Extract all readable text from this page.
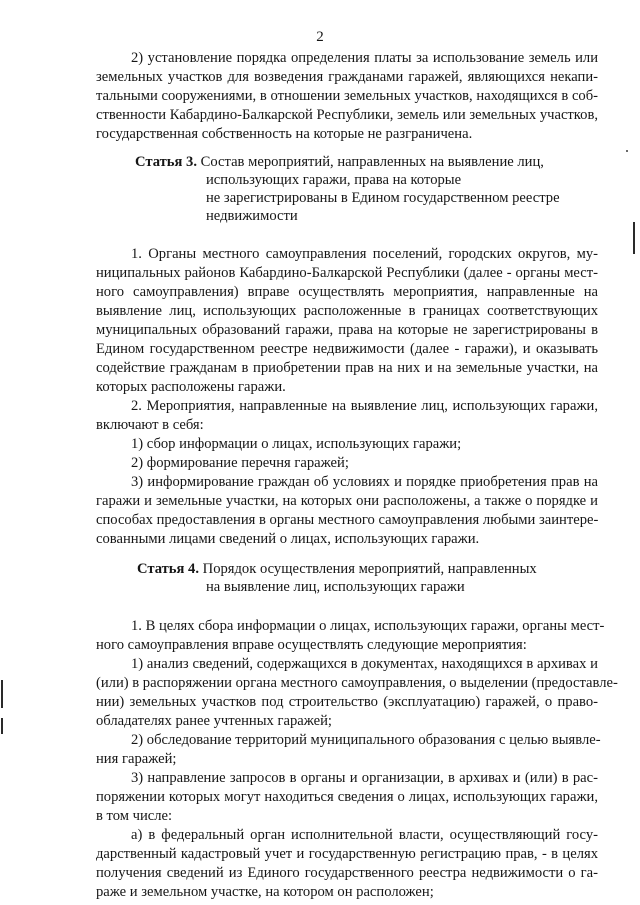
2
2) установление порядка определения платы за использование земель или
земельных участков для возведения гражданами гаражей, являющихся некапи-
тальными сооружениями, в отношении земельных участков, находящихся в соб-
ственности Кабардино-Балкарской Республики, земель или земельных участков,
государственная собственность на которые не разграничена.
Статья 3. Состав мероприятий, направленных на выявление лиц,
использующих гаражи, права на которые
не зарегистрированы в Едином государственном реестре
недвижимости
1. Органы местного самоуправления поселений, городских округов, му-
ниципальных районов Кабардино-Балкарской Республики (далее - органы мест-
ного самоуправления) вправе осуществлять мероприятия, направленные на
выявление лиц, использующих расположенные в границах соответствующих
муниципальных образований гаражи, права на которые не зарегистрированы в
Едином государственном реестре недвижимости (далее - гаражи), и оказывать
содействие гражданам в приобретении прав на них и на земельные участки, на
которых расположены гаражи.
2. Мероприятия, направленные на выявление лиц, использующих гаражи,
включают в себя:
1) сбор информации о лицах, использующих гаражи;
2) формирование перечня гаражей;
3) информирование граждан об условиях и порядке приобретения прав на
гаражи и земельные участки, на которых они расположены, а также о порядке и
способах предоставления в органы местного самоуправления любыми заинтере-
сованными лицами сведений о лицах, использующих гаражи.
Статья 4. Порядок осуществления мероприятий, направленных
на выявление лиц, использующих гаражи
1. В целях сбора информации о лицах, использующих гаражи, органы мест-
ного самоуправления вправе осуществлять следующие мероприятия:
1) анализ сведений, содержащихся в документах, находящихся в архивах и
(или) в распоряжении органа местного самоуправления, о выделении (предоставле-
нии) земельных участков под строительство (эксплуатацию) гаражей, о право-
обладателях ранее учтенных гаражей;
2) обследование территорий муниципального образования с целью выявле-
ния гаражей;
3) направление запросов в органы и организации, в архивах и (или) в рас-
поряжении которых могут находиться сведения о лицах, использующих гаражи,
в том числе:
а) в федеральный орган исполнительной власти, осуществляющий госу-
дарственный кадастровый учет и государственную регистрацию прав, - в целях
получения сведений из Единого государственного реестра недвижимости о га-
раже и земельном участке, на котором он расположен;
